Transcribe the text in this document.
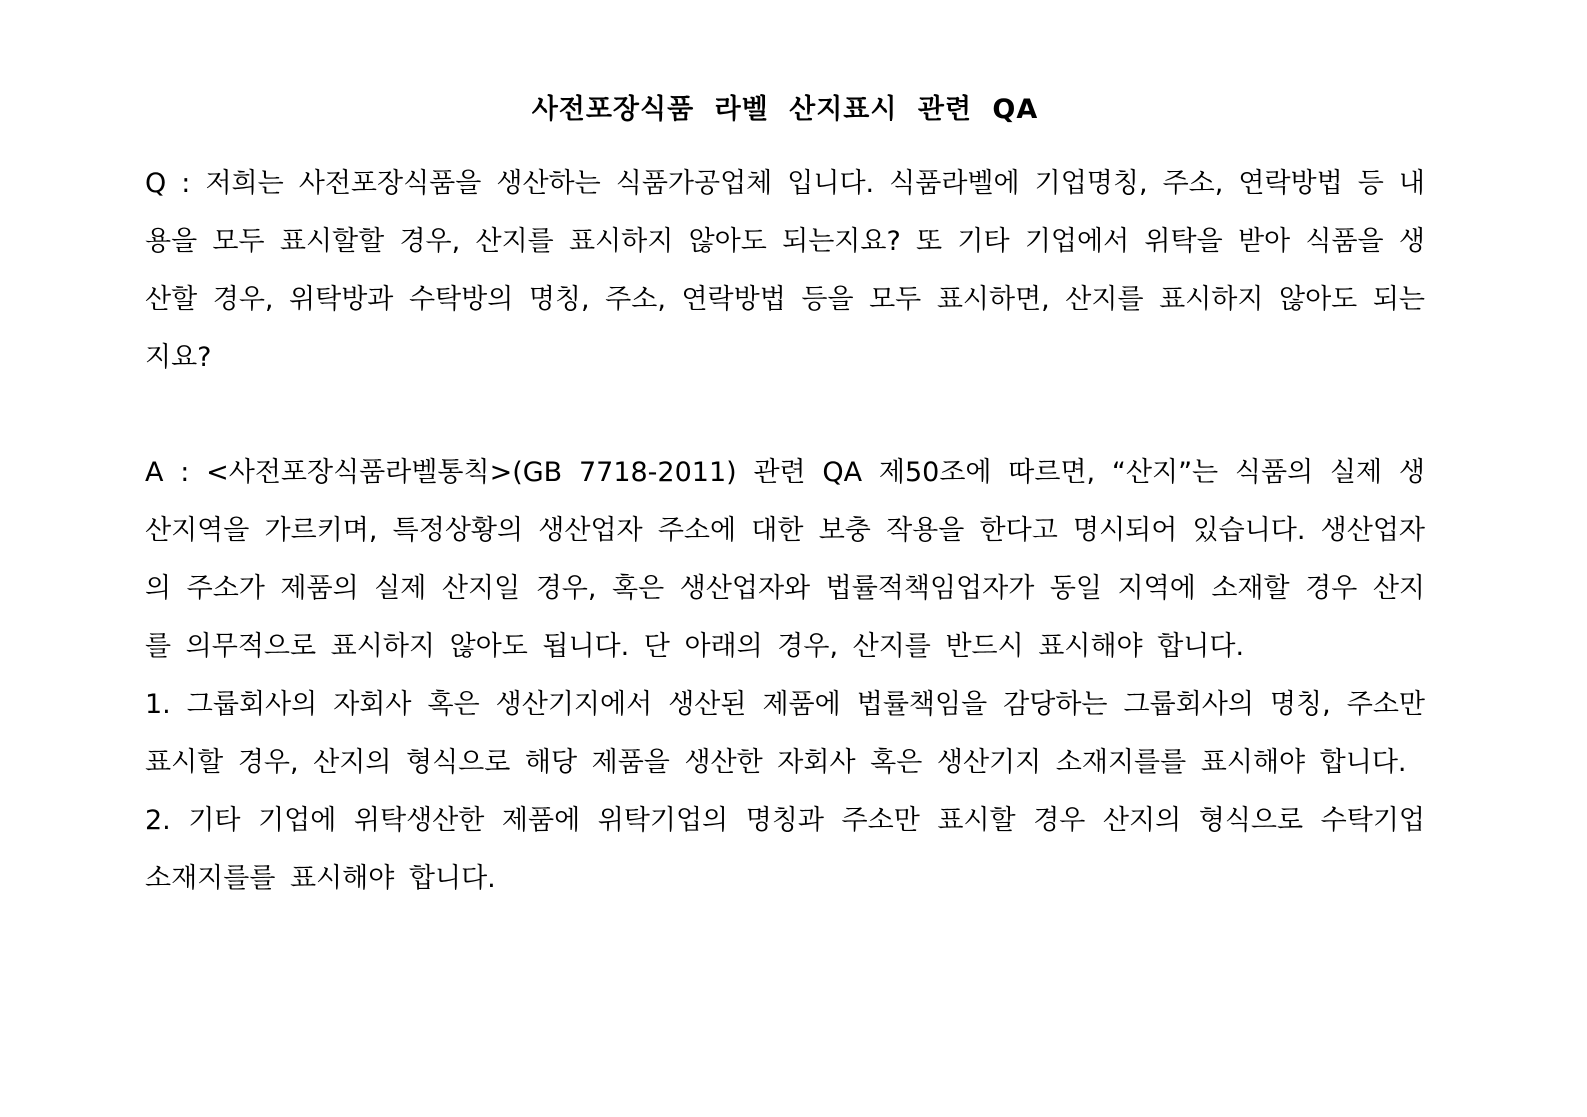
사전포장식품 라벨 산지표시 관련 QA
Q : 저희는 사전포장식품을 생산하는 식품가공업체 입니다. 식품라벨에 기업명칭, 주소, 연락방법 등 내용을 모두 표시할할 경우, 산지를 표시하지 않아도 되는지요? 또 기타 기업에서 위탁을 받아 식품을 생산할 경우, 위탁방과 수탁방의 명칭, 주소, 연락방법 등을 모두 표시하면, 산지를 표시하지 않아도 되는지요?

A : <사전포장식품라벨통칙>(GB 7718-2011) 관련 QA 제50조에 따르면, “산지”는 식품의 실제 생산지역을 가르키며, 특정상황의 생산업자 주소에 대한 보충 작용을 한다고 명시되어 있습니다. 생산업자의 주소가 제품의 실제 산지일 경우, 혹은 생산업자와 법률적책임업자가 동일 지역에 소재할 경우 산지를 의무적으로 표시하지 않아도 됩니다. 단 아래의 경우, 산지를 반드시 표시해야 합니다.

1. 그룹회사의 자회사 혹은 생산기지에서 생산된 제품에 법률책임을 감당하는 그룹회사의 명칭, 주소만 표시할 경우, 산지의 형식으로 해당 제품을 생산한 자회사 혹은 생산기지 소재지를를 표시해야 합니다.

2. 기타 기업에 위탁생산한 제품에 위탁기업의 명칭과 주소만 표시할 경우 산지의 형식으로 수탁기업 소재지를를 표시해야 합니다.
